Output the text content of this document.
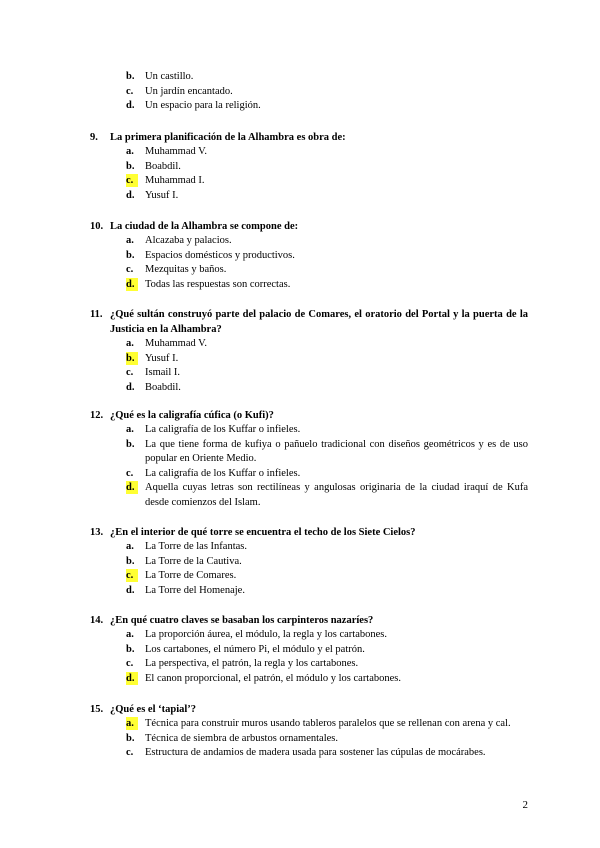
b.	Un castillo.
c.	Un jardín encantado.
d.	Un espacio para la religión.
9. La primera planificación de la Alhambra es obra de:
a.	Muhammad V.
b.	Boabdil.
c.	Muhammad I.
d.	Yusuf I.
10. La ciudad de la Alhambra se compone de:
a.	Alcazaba y palacios.
b.	Espacios domésticos y productivos.
c.	Mezquitas y baños.
d.	Todas las respuestas son correctas.
11. ¿Qué sultán construyó parte del palacio de Comares, el oratorio del Portal y la puerta de la Justicia en la Alhambra?
a.	Muhammad V.
b.	Yusuf I.
c.	Ismail I.
d.	Boabdil.
12. ¿Qué es la caligrafía cúfica (o Kufi)?
a.	La caligrafía de los Kuffar o infieles.
b.	La que tiene forma de kufiya o pañuelo tradicional con diseños geométricos y es de uso popular en Oriente Medio.
c.	La caligrafía de los Kuffar o infieles.
d.	Aquella cuyas letras son rectilíneas y angulosas originaria de la ciudad iraquí de Kufa desde comienzos del Islam.
13. ¿En el interior de qué torre se encuentra el techo de los Siete Cielos?
a.	La Torre de las Infantas.
b.	La Torre de la Cautiva.
c.	La Torre de Comares.
d.	La Torre del Homenaje.
14. ¿En qué cuatro claves se basaban los carpinteros nazaríes?
a.	La proporción áurea, el módulo, la regla y los cartabones.
b.	Los cartabones, el número Pi, el módulo y el patrón.
c.	La perspectiva, el patrón, la regla y los cartabones.
d.	El canon proporcional, el patrón, el módulo y los cartabones.
15. ¿Qué es el ‘tapial’?
a.	Técnica para construir muros usando tableros paralelos que se rellenan con arena y cal.
b.	Técnica de siembra de arbustos ornamentales.
c.	Estructura de andamios de madera usada para sostener las cúpulas de mocárabes.
2
